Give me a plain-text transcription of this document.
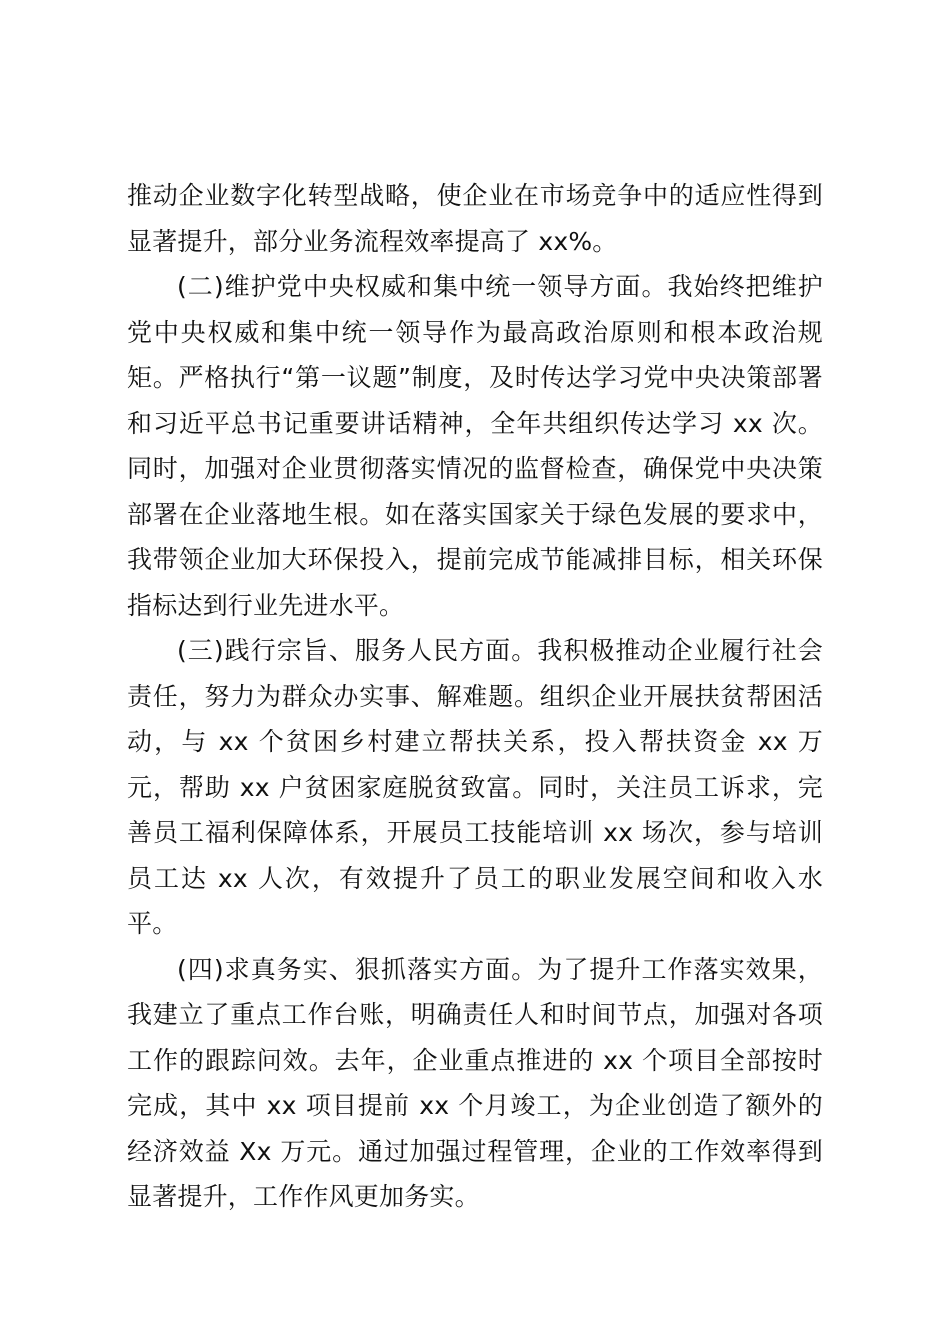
推动企业数字化转型战略，使企业在市场竞争中的适应性得到显著提升，部分业务流程效率提高了 xx%。

(二)维护党中央权威和集中统一领导方面。我始终把维护党中央权威和集中统一领导作为最高政治原则和根本政治规矩。严格执行“第一议题”制度，及时传达学习党中央决策部署和习近平总书记重要讲话精神，全年共组织传达学习 xx 次。同时，加强对企业贯彻落实情况的监督检查，确保党中央决策部署在企业落地生根。如在落实国家关于绿色发展的要求中，我带领企业加大环保投入，提前完成节能减排目标，相关环保指标达到行业先进水平。

(三)践行宗旨、服务人民方面。我积极推动企业履行社会责任，努力为群众办实事、解难题。组织企业开展扶贫帮困活动，与 xx 个贫困乡村建立帮扶关系，投入帮扶资金 xx 万元，帮助 xx 户贫困家庭脱贫致富。同时，关注员工诉求，完善员工福利保障体系，开展员工技能培训 xx 场次，参与培训员工达 xx 人次，有效提升了员工的职业发展空间和收入水平。

(四)求真务实、狠抓落实方面。为了提升工作落实效果，我建立了重点工作台账，明确责任人和时间节点，加强对各项工作的跟踪问效。去年，企业重点推进的 xx 个项目全部按时完成，其中 xx 项目提前 xx 个月竣工，为企业创造了额外的经济效益 Xx 万元。通过加强过程管理，企业的工作效率得到显著提升，工作作风更加务实。
